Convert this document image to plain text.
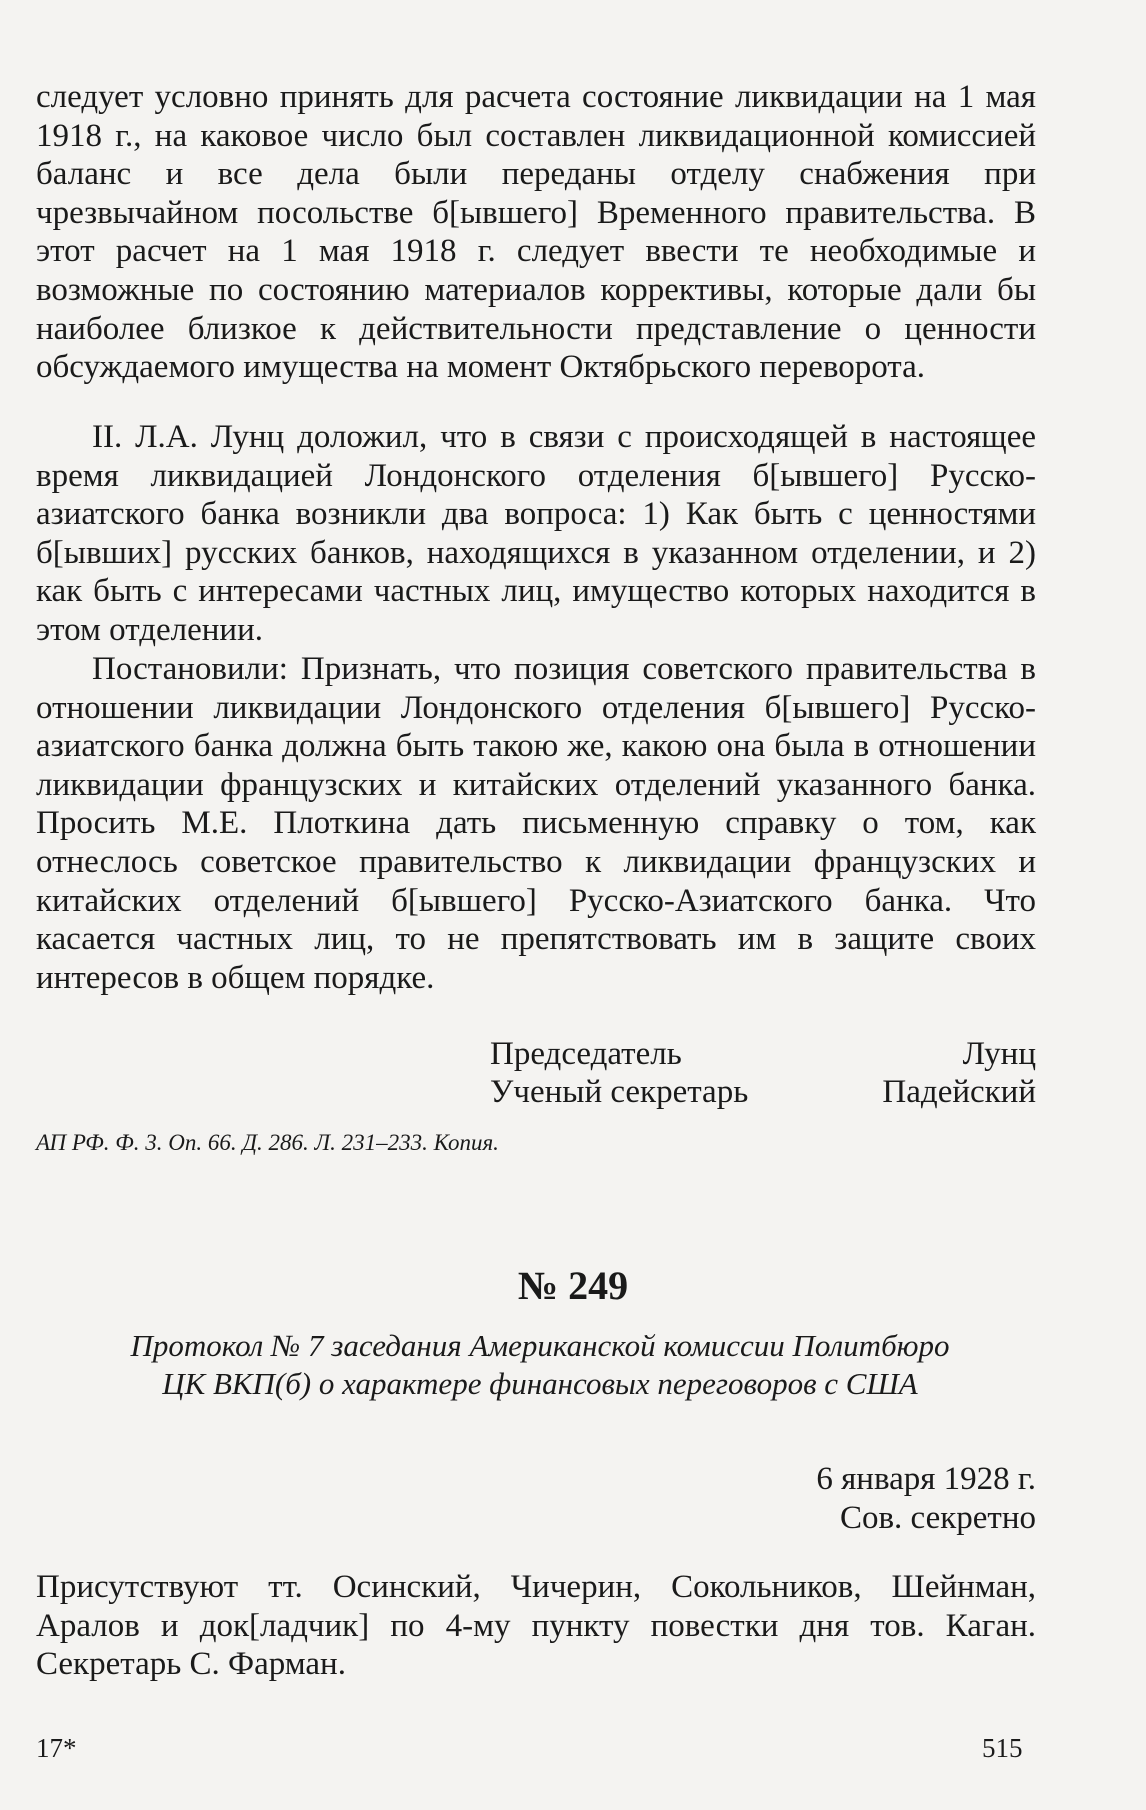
следует условно принять для расчета состояние ликвидации на 1 мая 1918 г., на каковое число был составлен ликвидационной комиссией баланс и все дела были переданы отделу снабжения при чрезвычайном посольстве б[ывшего] Временного правительства. В этот расчет на 1 мая 1918 г. следует ввести те необходимые и возможные по состоянию материалов коррективы, которые дали бы наиболее близкое к действительности представление о ценности обсуждаемого имущества на момент Октябрьского переворота.

II. Л.А. Лунц доложил, что в связи с происходящей в настоящее время ликвидацией Лондонского отделения б[ывшего] Русско-азиатского банка возникли два вопроса: 1) Как быть с ценностями б[ывших] русских банков, находящихся в указанном отделении, и 2) как быть с интересами частных лиц, имущество которых находится в этом отделении.

Постановили: Признать, что позиция советского правительства в отношении ликвидации Лондонского отделения б[ывшего] Русско-азиатского банка должна быть такою же, какою она была в отношении ликвидации французских и китайских отделений указанного банка. Просить М.Е. Плоткина дать письменную справку о том, как отнеслось советское правительство к ликвидации французских и китайских отделений б[ывшего] Русско-Азиатского банка. Что касается частных лиц, то не препятствовать им в защите своих интересов в общем порядке.

Председатель	Лунц
Ученый секретарь	Падейский
АП РФ. Ф. 3. Оп. 66. Д. 286. Л. 231–233. Копия.
№ 249
Протокол № 7 заседания Американской комиссии Политбюро ЦК ВКП(б) о характере финансовых переговоров с США
6 января 1928 г.
Сов. секретно

Присутствуют тт. Осинский, Чичерин, Сокольников, Шейнман, Аралов и док[ладчик] по 4-му пункту повестки дня тов. Каган. Секретарь С. Фарман.

17*	515
